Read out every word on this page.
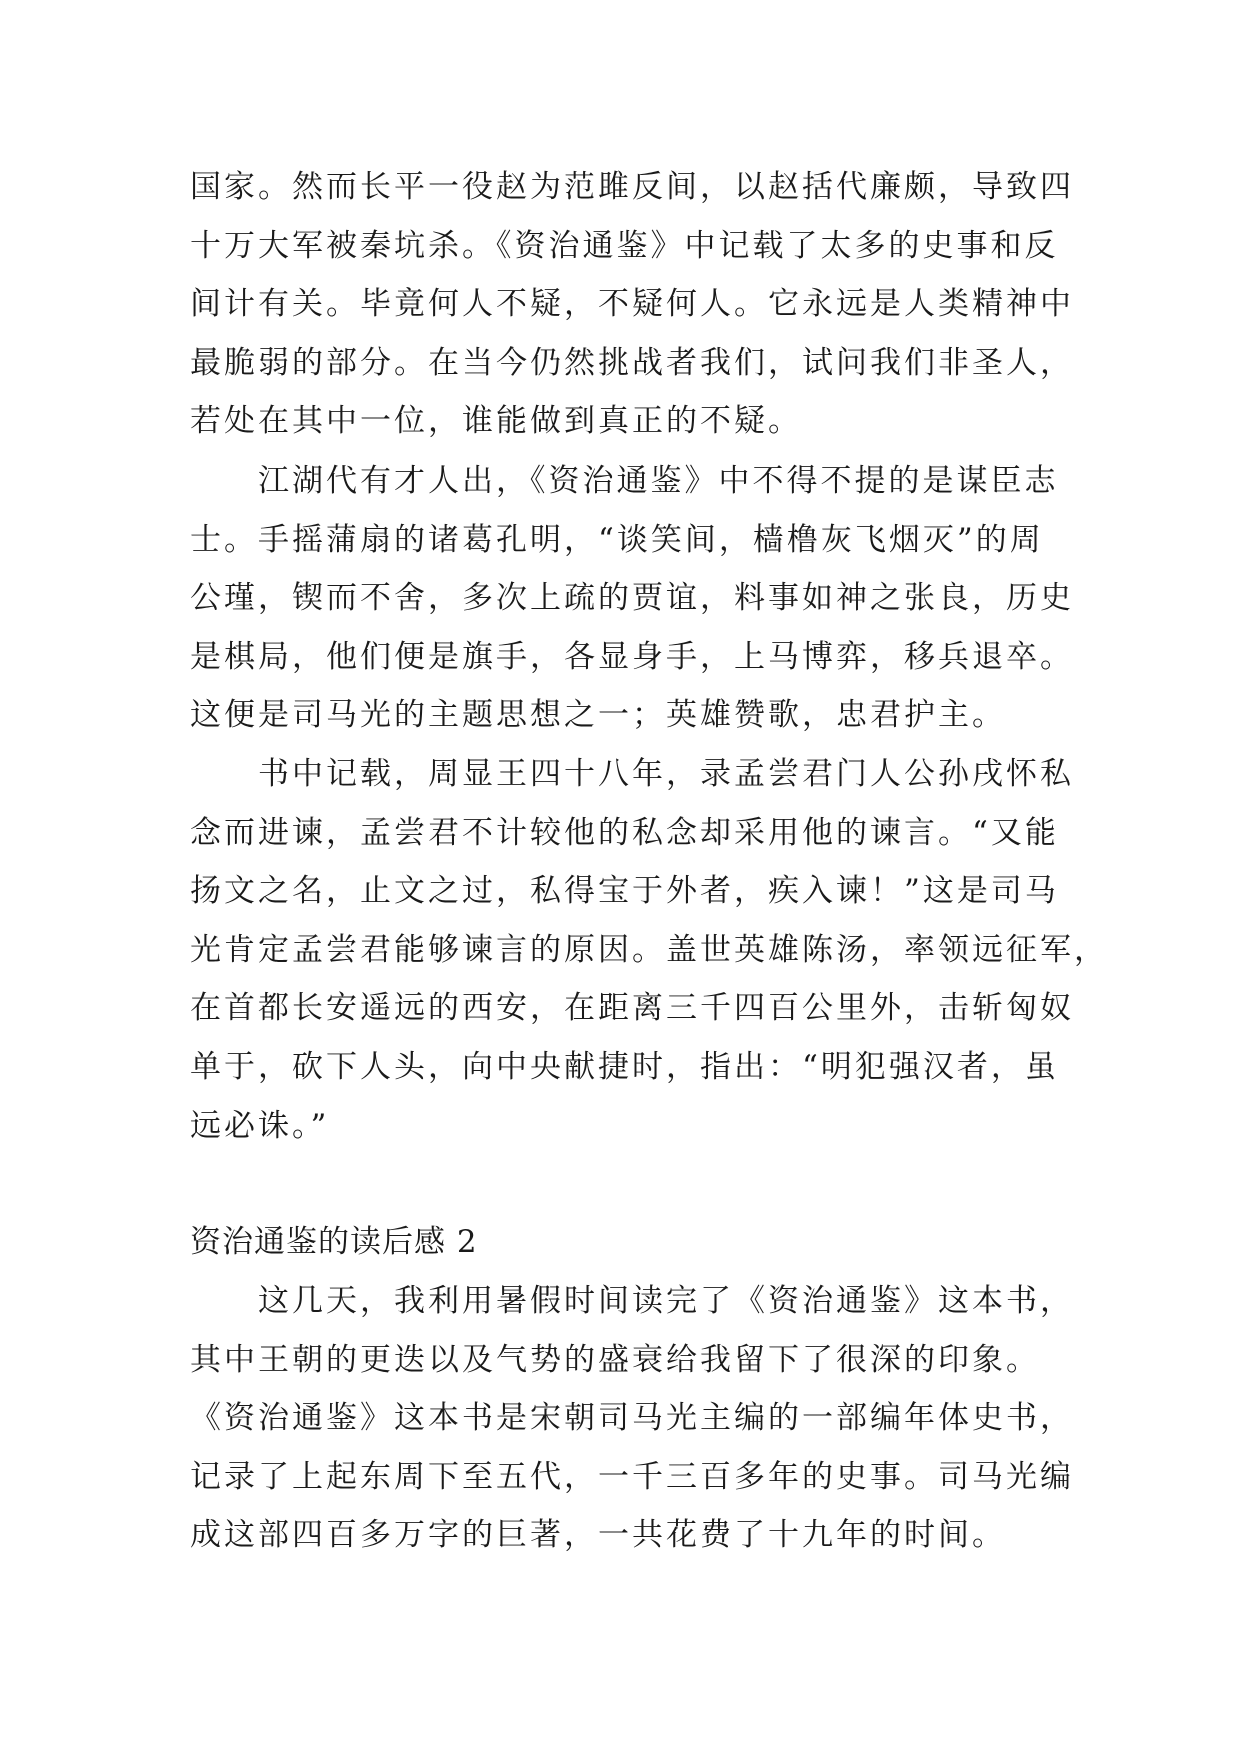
国家。然而长平一役赵为范雎反间，以赵括代廉颇，导致四
十万大军被秦坑杀。《资治通鉴》中记载了太多的史事和反
间计有关。毕竟何人不疑，不疑何人。它永远是人类精神中
最脆弱的部分。在当今仍然挑战者我们，试问我们非圣人，
若处在其中一位，谁能做到真正的不疑。
江湖代有才人出，《资治通鉴》中不得不提的是谋臣志
士。手摇蒲扇的诸葛孔明，“谈笑间，樯橹灰飞烟灭”的周
公瑾，锲而不舍，多次上疏的贾谊，料事如神之张良，历史
是棋局，他们便是旗手，各显身手，上马博弈，移兵退卒。
这便是司马光的主题思想之一；英雄赞歌，忠君护主。
书中记载，周显王四十八年，录孟尝君门人公孙戌怀私
念而进谏，孟尝君不计较他的私念却采用他的谏言。“又能
扬文之名，止文之过，私得宝于外者，疾入谏！”这是司马
光肯定孟尝君能够谏言的原因。盖世英雄陈汤，率领远征军，
在首都长安遥远的西安，在距离三千四百公里外，击斩匈奴
单于，砍下人头，向中央献捷时，指出：“明犯强汉者，虽
远必诛。”
资治通鉴的读后感 2
这几天，我利用暑假时间读完了《资治通鉴》这本书，
其中王朝的更迭以及气势的盛衰给我留下了很深的印象。
《资治通鉴》这本书是宋朝司马光主编的一部编年体史书，
记录了上起东周下至五代，一千三百多年的史事。司马光编
成这部四百多万字的巨著，一共花费了十九年的时间。
